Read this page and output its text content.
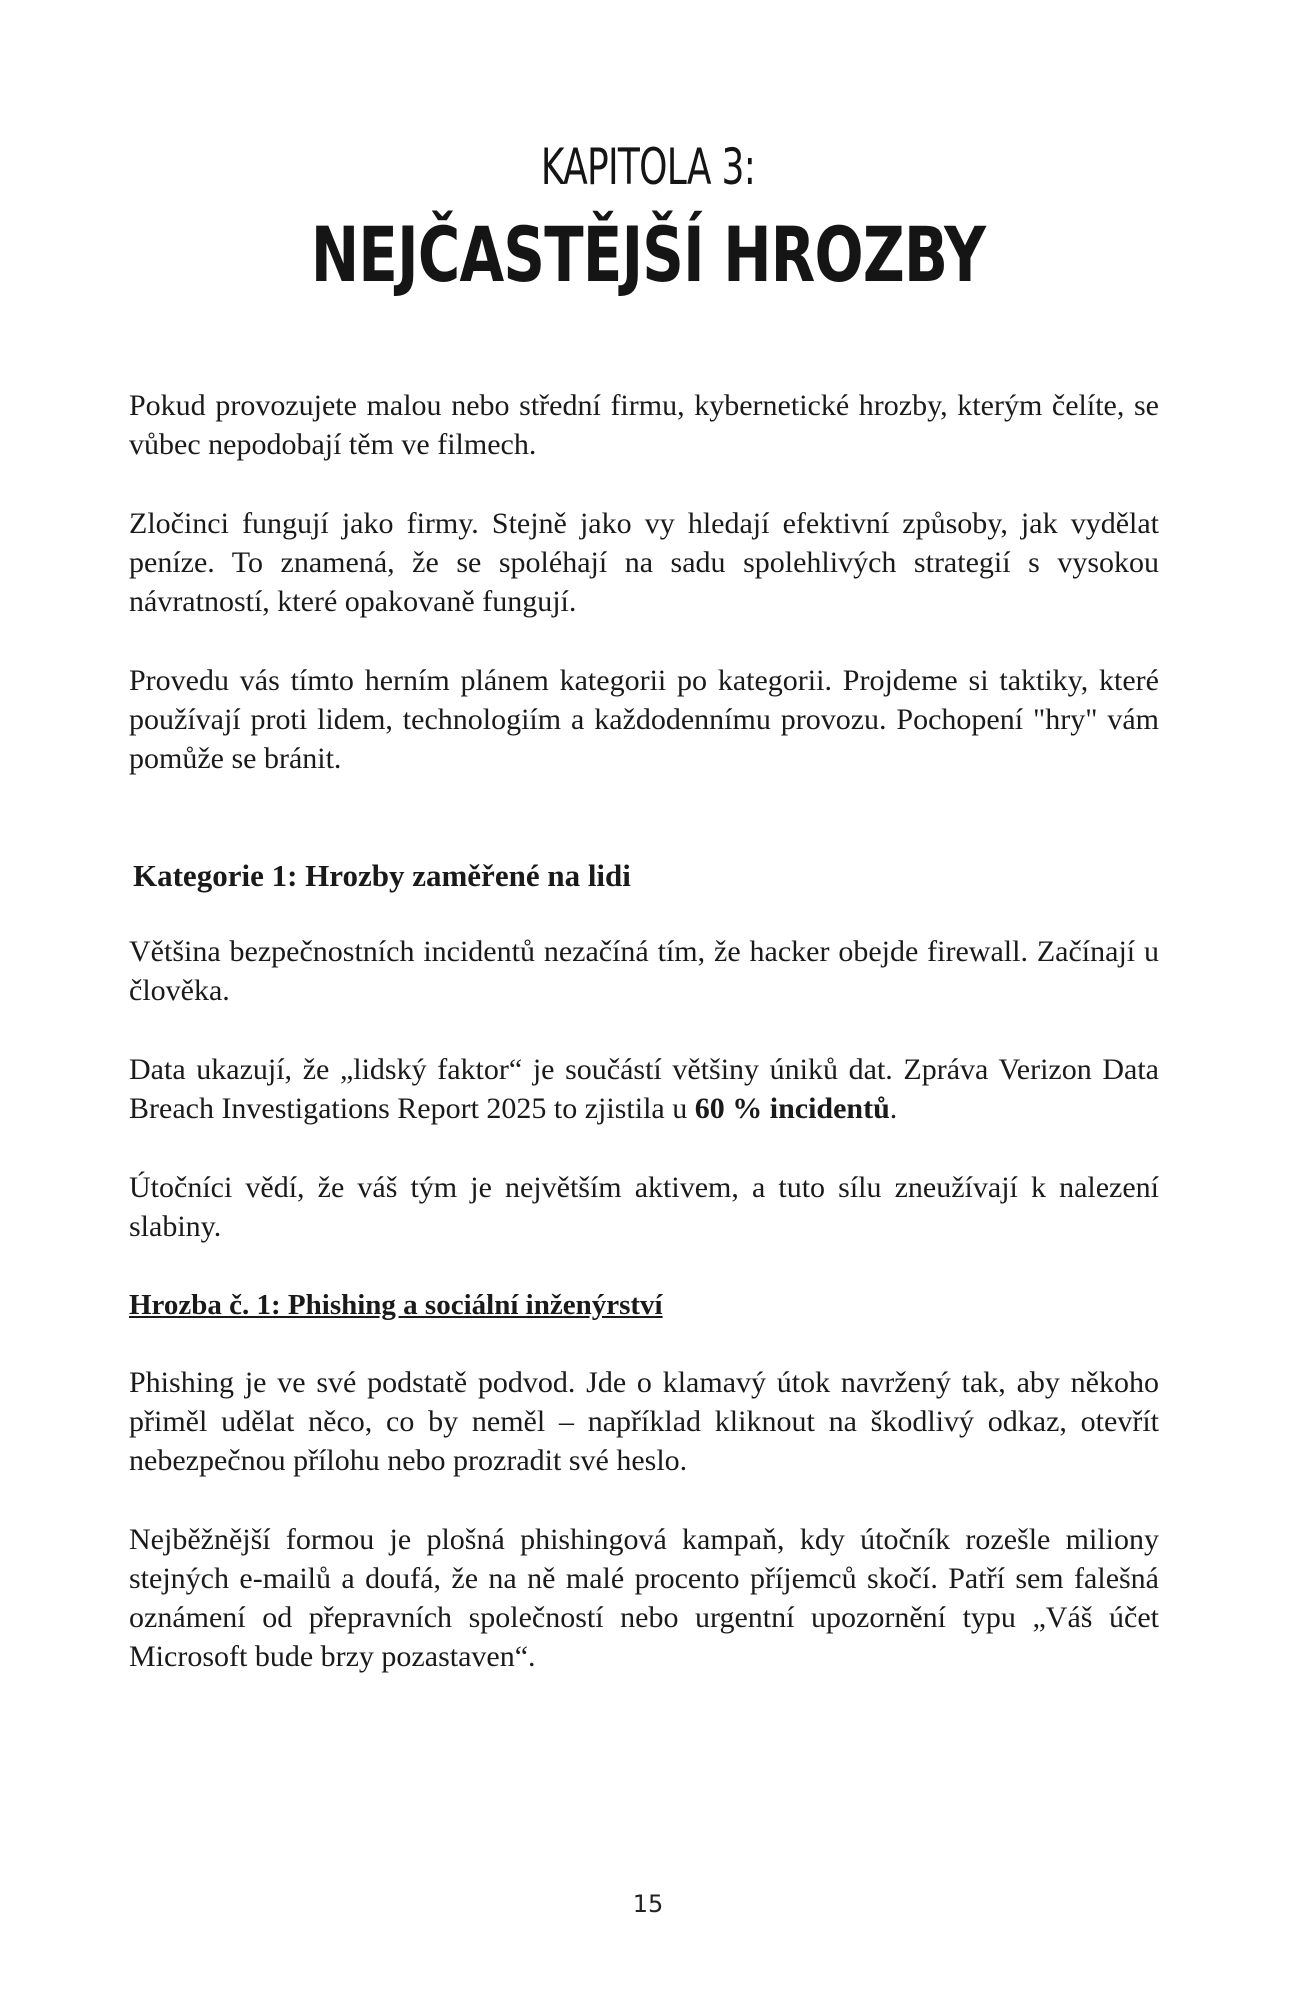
KAPITOLA 3:
NEJČASTĚJŠÍ HROZBY

Pokud provozujete malou nebo střední firmu, kybernetické hrozby, kterým čelíte, se vůbec nepodobají těm ve filmech.

Zločinci fungují jako firmy. Stejně jako vy hledají efektivní způsoby, jak vydělat peníze. To znamená, že se spoléhají na sadu spolehlivých strategií s vysokou návratností, které opakovaně fungují.

Provedu vás tímto herním plánem kategorii po kategorii. Projdeme si taktiky, které používají proti lidem, technologiím a každodennímu provozu. Pochopení "hry" vám pomůže se bránit.

Kategorie 1: Hrozby zaměřené na lidi

Většina bezpečnostních incidentů nezačíná tím, že hacker obejde firewall. Začínají u člověka.

Data ukazují, že „lidský faktor“ je součástí většiny úniků dat. Zpráva Verizon Data Breach Investigations Report 2025 to zjistila u 60 % incidentů.

Útočníci vědí, že váš tým je největším aktivem, a tuto sílu zneužívají k nalezení slabiny.

Hrozba č. 1: Phishing a sociální inženýrství

Phishing je ve své podstatě podvod. Jde o klamavý útok navržený tak, aby někoho přiměl udělat něco, co by neměl – například kliknout na škodlivý odkaz, otevřít nebezpečnou přílohu nebo prozradit své heslo.

Nejběžnější formou je plošná phishingová kampaň, kdy útočník rozešle miliony stejných e-mailů a doufá, že na ně malé procento příjemců skočí. Patří sem falešná oznámení od přepravních společností nebo urgentní upozornění typu „Váš účet Microsoft bude brzy pozastaven“.

15
